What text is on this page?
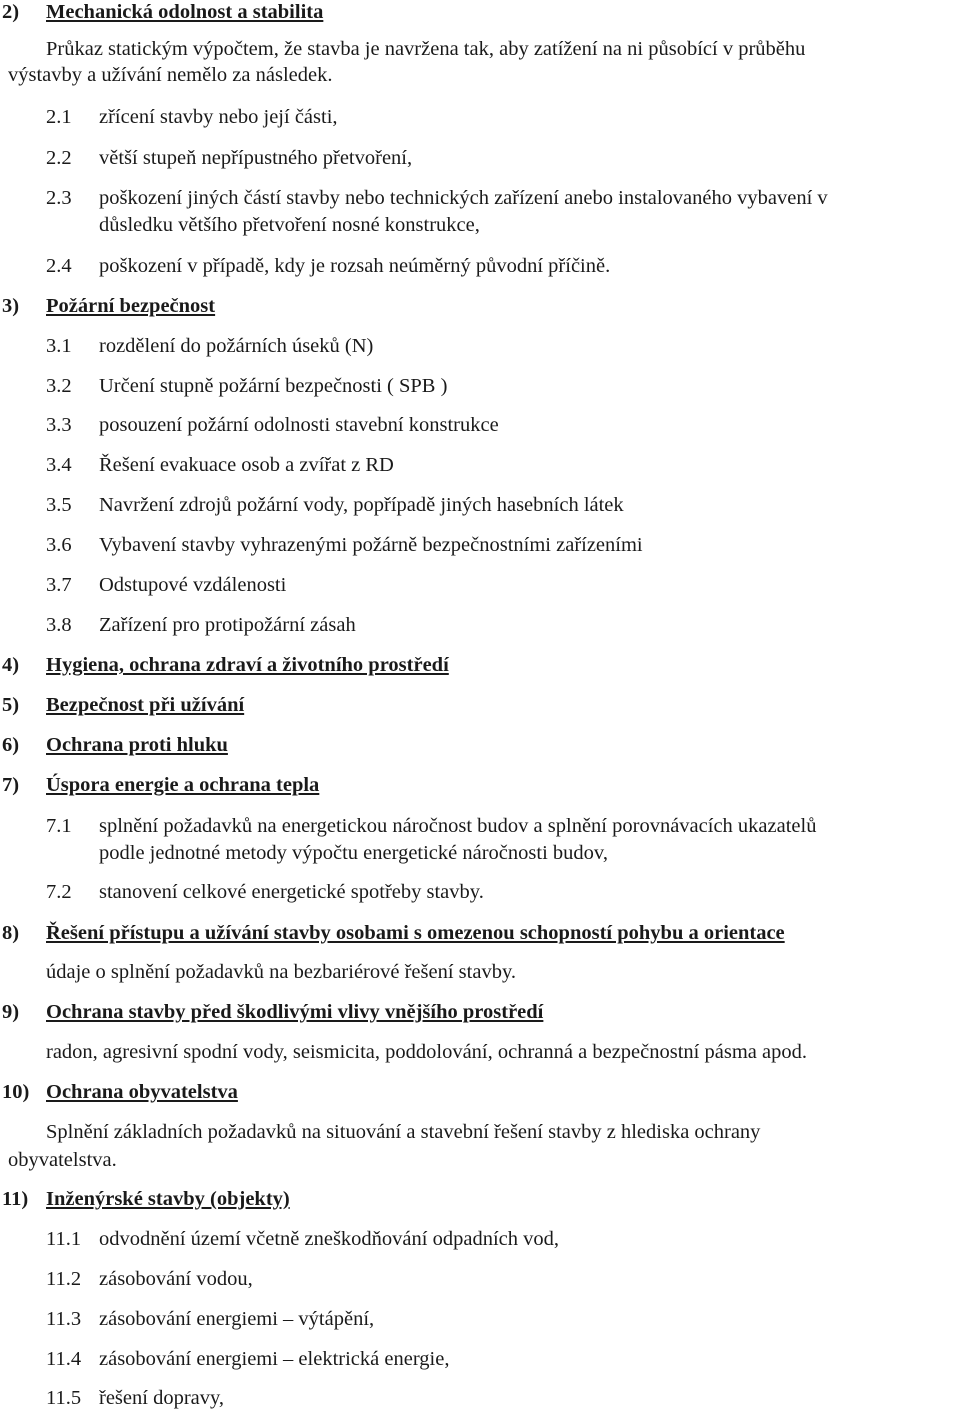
2) Mechanická odolnost a stabilita
Průkaz statickým výpočtem, že stavba je navržena tak, aby zatížení na ni působící v průběhu
výstavby a užívání nemělo za následek.
2.1 zřícení stavby nebo její části,
2.2 větší stupeň nepřípustného přetvoření,
2.3 poškození jiných částí stavby nebo technických zařízení anebo instalovaného vybavení v
důsledku většího přetvoření nosné konstrukce,
2.4 poškození v případě, kdy je rozsah neúměrný původní příčině.
3) Požární bezpečnost
3.1 rozdělení do požárních úseků (N)
3.2 Určení stupně požární bezpečnosti ( SPB )
3.3 posouzení požární odolnosti stavební konstrukce
3.4 Řešení evakuace osob a zvířat z RD
3.5 Navržení zdrojů požární vody, popřípadě jiných hasebních látek
3.6 Vybavení stavby vyhrazenými požárně bezpečnostními zařízeními
3.7 Odstupové vzdálenosti
3.8 Zařízení pro protipožární zásah
4) Hygiena, ochrana zdraví a životního prostředí
5) Bezpečnost při užívání
6) Ochrana proti hluku
7) Úspora energie a ochrana tepla
7.1 splnění požadavků na energetickou náročnost budov a splnění porovnávacích ukazatelů
podle jednotné metody výpočtu energetické náročnosti budov,
7.2 stanovení celkové energetické spotřeby stavby.
8) Řešení přístupu a užívání stavby osobami s omezenou schopností pohybu a orientace
údaje o splnění požadavků na bezbariérové řešení stavby.
9) Ochrana stavby před škodlivými vlivy vnějšího prostředí
radon, agresivní spodní vody, seismicita, poddolování, ochranná a bezpečnostní pásma apod.
10) Ochrana obyvatelstva
Splnění základních požadavků na situování a stavební řešení stavby z hlediska ochrany
obyvatelstva.
11) Inženýrské stavby (objekty)
11.1 odvodnění území včetně zneškodňování odpadních vod,
11.2 zásobování vodou,
11.3 zásobování energiemi – výtápění,
11.4 zásobování energiemi – elektrická energie,
11.5 řešení dopravy,
